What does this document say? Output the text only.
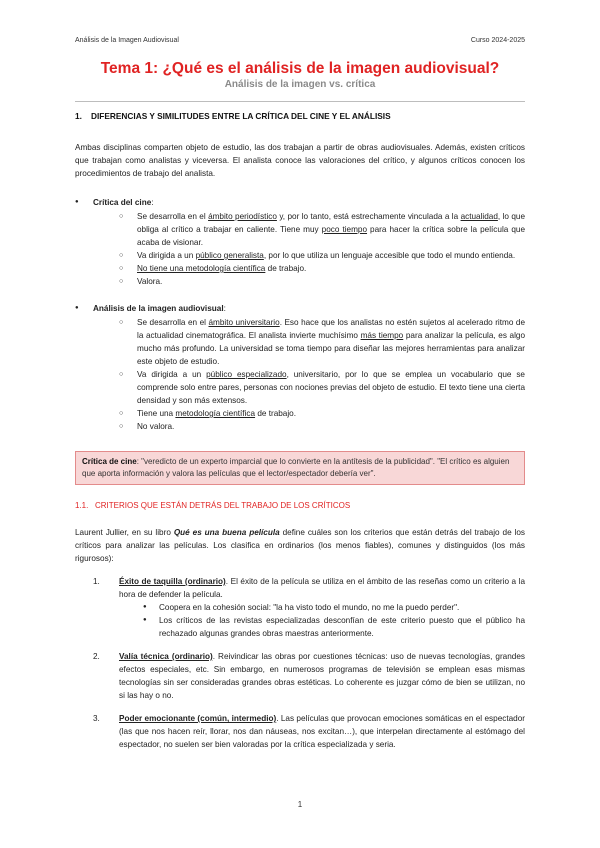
Análisis de la Imagen Audiovisual	Curso 2024-2025
Tema 1: ¿Qué es el análisis de la imagen audiovisual?
Análisis de la imagen vs. crítica
1. DIFERENCIAS Y SIMILITUDES ENTRE LA CRÍTICA DEL CINE Y EL ANÁLISIS

Ambas disciplinas comparten objeto de estudio, las dos trabajan a partir de obras audiovisuales. Además, existen críticos que trabajan como analistas y viceversa. El analista conoce las valoraciones del crítico, y algunos críticos conocen los procedimientos de trabajo del analista.

● Crítica del cine:
○ Se desarrolla en el ámbito periodístico y, por lo tanto, está estrechamente vinculada a la actualidad, lo que obliga al crítico a trabajar en caliente. Tiene muy poco tiempo para hacer la crítica sobre la película que acaba de visionar.
○ Va dirigida a un público generalista, por lo que utiliza un lenguaje accesible que todo el mundo entienda.
○ No tiene una metodología científica de trabajo.
○ Valora.
● Análisis de la imagen audiovisual:
○ Se desarrolla en el ámbito universitario. Eso hace que los analistas no estén sujetos al acelerado ritmo de la actualidad cinematográfica. El analista invierte muchísimo más tiempo para analizar la película, es algo mucho más profundo. La universidad se toma tiempo para diseñar las mejores herramientas para analizar este objeto de estudio.
○ Va dirigida a un público especializado, universitario, por lo que se emplea un vocabulario que se comprende solo entre pares, personas con nociones previas del objeto de estudio. El texto tiene una cierta densidad y son más extensos.
○ Tiene una metodología científica de trabajo.
○ No valora.
Crítica de cine: "veredicto de un experto imparcial que lo convierte en la antítesis de la publicidad". "El crítico es alguien que aporta información y valora las películas que el lector/espectador debería ver".
1.1. CRITERIOS QUE ESTÁN DETRÁS DEL TRABAJO DE LOS CRÍTICOS

Laurent Jullier, en su libro Qué es una buena película define cuáles son los criterios que están detrás del trabajo de los críticos para analizar las películas. Los clasifica en ordinarios (los menos fiables), comunes y distinguidos (los más rigurosos):

1. Éxito de taquilla (ordinario). El éxito de la película se utiliza en el ámbito de las reseñas como un criterio a la hora de defender la película.
● Coopera en la cohesión social: "la ha visto todo el mundo, no me la puedo perder".
● Los críticos de las revistas especializadas desconfían de este criterio puesto que el público ha rechazado algunas grandes obras maestras anteriormente.
2. Valía técnica (ordinario). Reivindicar las obras por cuestiones técnicas: uso de nuevas tecnologías, grandes efectos especiales, etc. Sin embargo, en numerosos programas de televisión se emplean esas mismas tecnologías sin ser consideradas grandes obras estéticas. Lo coherente es juzgar cómo de bien se utilizan, no si las hay o no.
3. Poder emocionante (común, intermedio). Las películas que provocan emociones somáticas en el espectador (las que nos hacen reír, llorar, nos dan náuseas, nos excitan…), que interpelan directamente al estómago del espectador, no suelen ser bien valoradas por la crítica especializada y seria.
1
